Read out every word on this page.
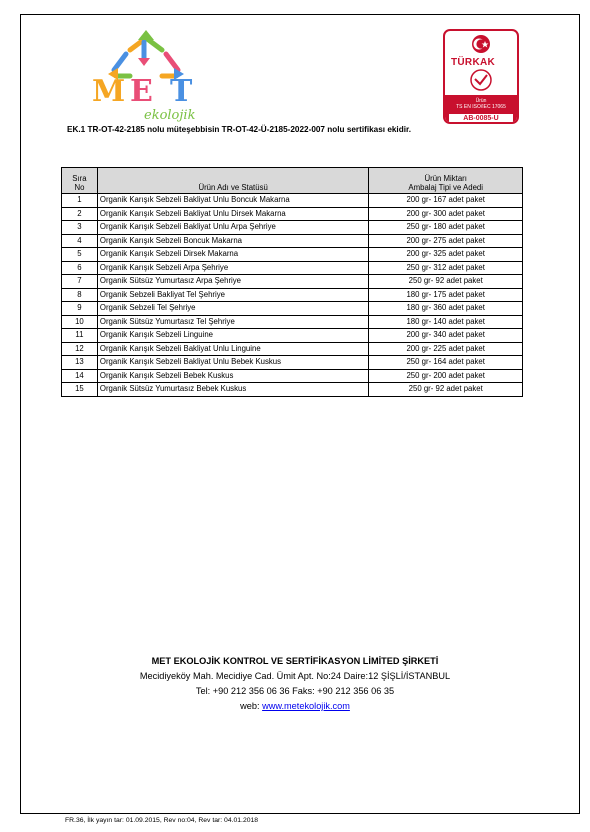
M E T
ekolojik
TÜRKAK
Ürün
TS EN ISO/IEC 17065
AB-0085-U
EK.1 TR-OT-42-2185 nolu müteşebbisin TR-OT-42-Ü-2185-2022-007 nolu sertifikası ekidir.
Sıra
No	Ürün Adı ve Statüsü	Ürün Miktarı
Ambalaj Tipi ve Adedi
1	Organik Karışık Sebzeli Bakliyat Unlu Boncuk Makarna	200 gr- 167 adet paket
2	Organik Karışık Sebzeli Bakliyat Unlu Dirsek Makarna	200 gr- 300 adet paket
3	Organik Karışık Sebzeli Bakliyat Unlu Arpa Şehriye	250 gr- 180 adet paket
4	Organik Karışık Sebzeli Boncuk Makarna	200 gr- 275 adet paket
5	Organik Karışık Sebzeli Dirsek Makarna	200 gr- 325 adet paket
6	Organik Karışık Sebzeli Arpa Şehriye	250 gr- 312 adet paket
7	Organik Sütsüz Yumurtasız Arpa Şehriye	250 gr- 92 adet paket
8	Organik Sebzeli Bakliyat Tel Şehriye	180 gr- 175 adet paket
9	Organik Sebzeli Tel Şehriye	180 gr- 360 adet paket
10	Organik Sütsüz Yumurtasız Tel Şehriye	180 gr- 140 adet paket
11	Organik Karışık Sebzeli Linguine	200 gr- 340 adet paket
12	Organik Karışık Sebzeli Bakliyat Unlu Linguine	200 gr- 225 adet paket
13	Organik Karışık Sebzeli Bakliyat Unlu Bebek Kuskus	250 gr- 164 adet paket
14	Organik Karışık Sebzeli Bebek Kuskus	250 gr- 200 adet paket
15	Organik Sütsüz Yumurtasız Bebek Kuskus	250 gr- 92 adet paket
MET EKOLOJİK KONTROL VE SERTİFİKASYON LİMİTED ŞİRKETİ
Mecidiyeköy Mah. Mecidiye Cad. Ümit Apt. No:24 Daire:12 ŞİŞLİ/İSTANBUL
Tel: +90 212 356 06 36 Faks: +90 212 356 06 35
web: www.metekolojik.com
FR.36, İlk yayın tar: 01.09.2015, Rev no:04, Rev tar: 04.01.2018
